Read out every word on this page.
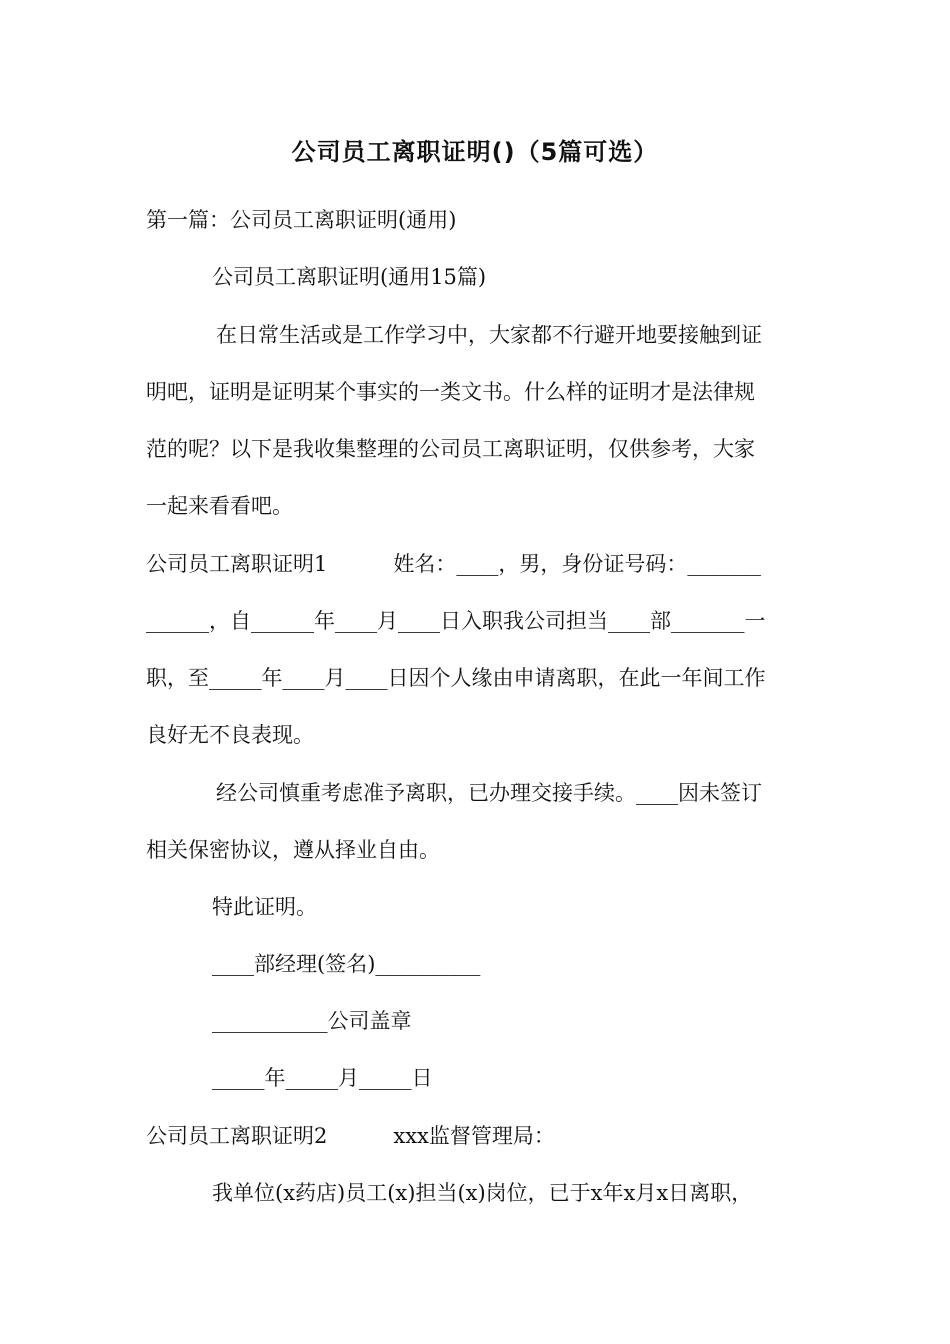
公司员工离职证明()（5篇可选）
第一篇：公司员工离职证明(通用)
公司员工离职证明(通用15篇)
在日常生活或是工作学习中，大家都不行避开地要接触到证
明吧，证明是证明某个事实的一类文书。什么样的证明才是法律规
范的呢？以下是我收集整理的公司员工离职证明，仅供参考，大家
一起来看看吧。
公司员工离职证明1	姓名：____，男，身份证号码：_______
______，自______年____月____日入职我公司担当____部_______一
职，至_____年____月____日因个人缘由申请离职，在此一年间工作
良好无不良表现。
经公司慎重考虑准予离职，已办理交接手续。____因未签订
相关保密协议，遵从择业自由。
特此证明。
____部经理(签名)__________
___________公司盖章
_____年_____月_____日
公司员工离职证明2	xxx监督管理局：
我单位(x药店)员工(x)担当(x)岗位，已于x年x月x日离职，
